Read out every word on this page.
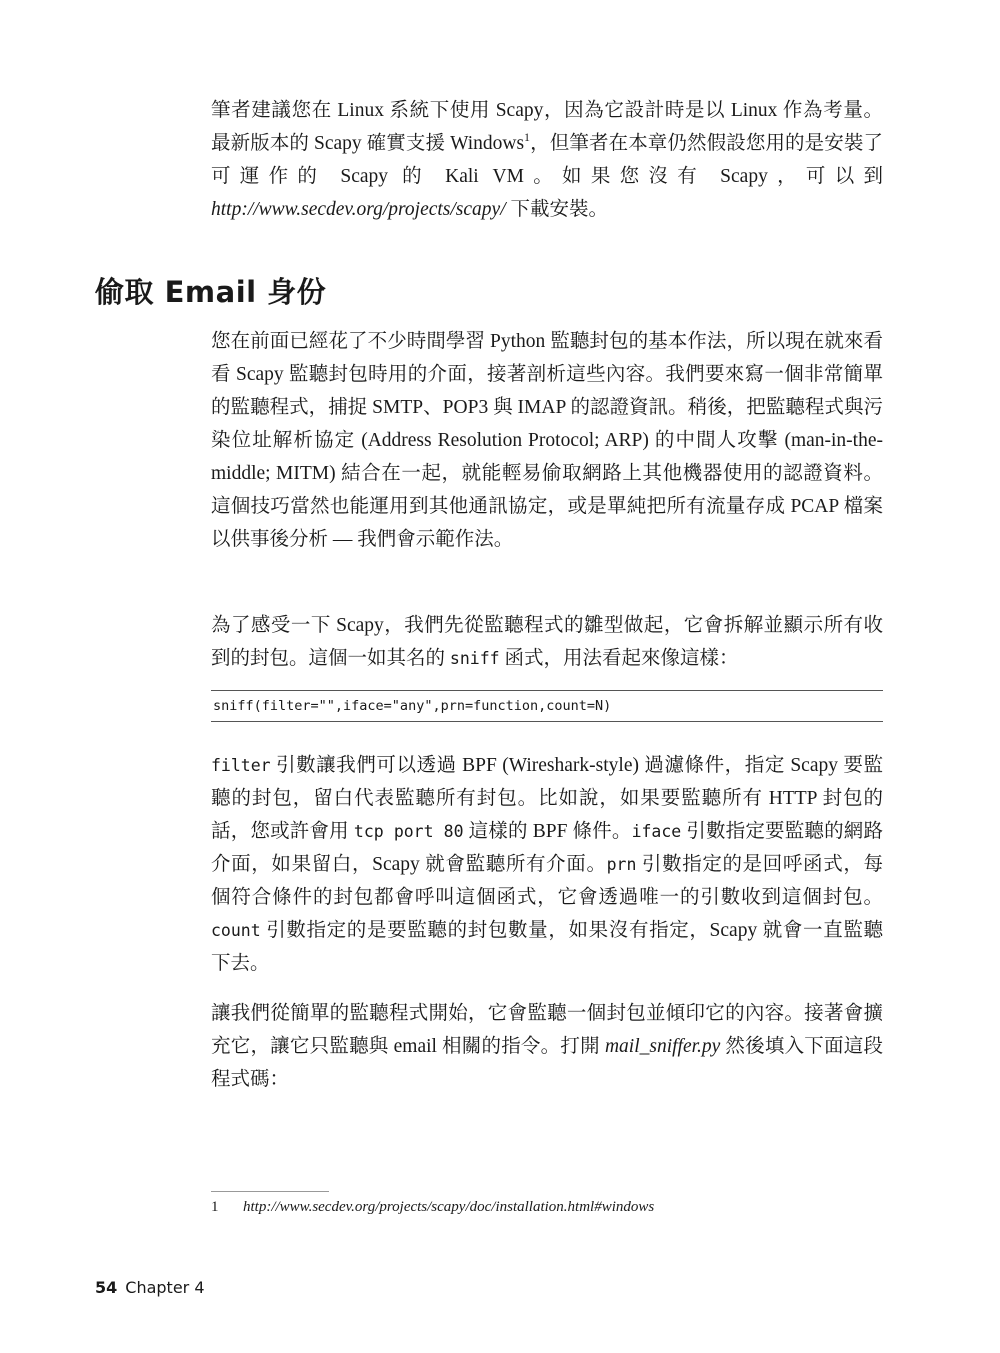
筆者建議您在 Linux 系統下使用 Scapy，因為它設計時是以 Linux 作為考量。最新版本的 Scapy 確實支援 Windows$^1$，但筆者在本章仍然假設您用的是安裝了可運作的 Scapy 的 Kali VM。如果您沒有 Scapy，可以到 http://www.secdev.org/projects/scapy/ 下載安裝。

偷取 Email 身份

您在前面已經花了不少時間學習 Python 監聽封包的基本作法，所以現在就來看看 Scapy 監聽封包時用的介面，接著剖析這些內容。我們要來寫一個非常簡單的監聽程式，捕捉 SMTP、POP3 與 IMAP 的認證資訊。稍後，把監聽程式與污染位址解析協定 (Address Resolution Protocol; ARP) 的中間人攻擊 (man-in-the-middle; MITM) 結合在一起，就能輕易偷取網路上其他機器使用的認證資料。這個技巧當然也能運用到其他通訊協定，或是單純把所有流量存成 PCAP 檔案以供事後分析 — 我們會示範作法。

為了感受一下 Scapy，我們先從監聽程式的雛型做起，它會拆解並顯示所有收到的封包。這個一如其名的 sniff 函式，用法看起來像這樣：

sniff(filter="",iface="any",prn=function,count=N)

filter 引數讓我們可以透過 BPF (Wireshark-style) 過濾條件，指定 Scapy 要監聽的封包，留白代表監聽所有封包。比如說，如果要監聽所有 HTTP 封包的話，您或許會用 tcp port 80 這樣的 BPF 條件。iface 引數指定要監聽的網路介面，如果留白，Scapy 就會監聽所有介面。prn 引數指定的是回呼函式，每個符合條件的封包都會呼叫這個函式，它會透過唯一的引數收到這個封包。count 引數指定的是要監聽的封包數量，如果沒有指定，Scapy 就會一直監聽下去。

讓我們從簡單的監聽程式開始，它會監聽一個封包並傾印它的內容。接著會擴充它，讓它只監聽與 email 相關的指令。打開 mail_sniffer.py 然後填入下面這段程式碼：

1 http://www.secdev.org/projects/scapy/doc/installation.html#windows
54 Chapter 4
